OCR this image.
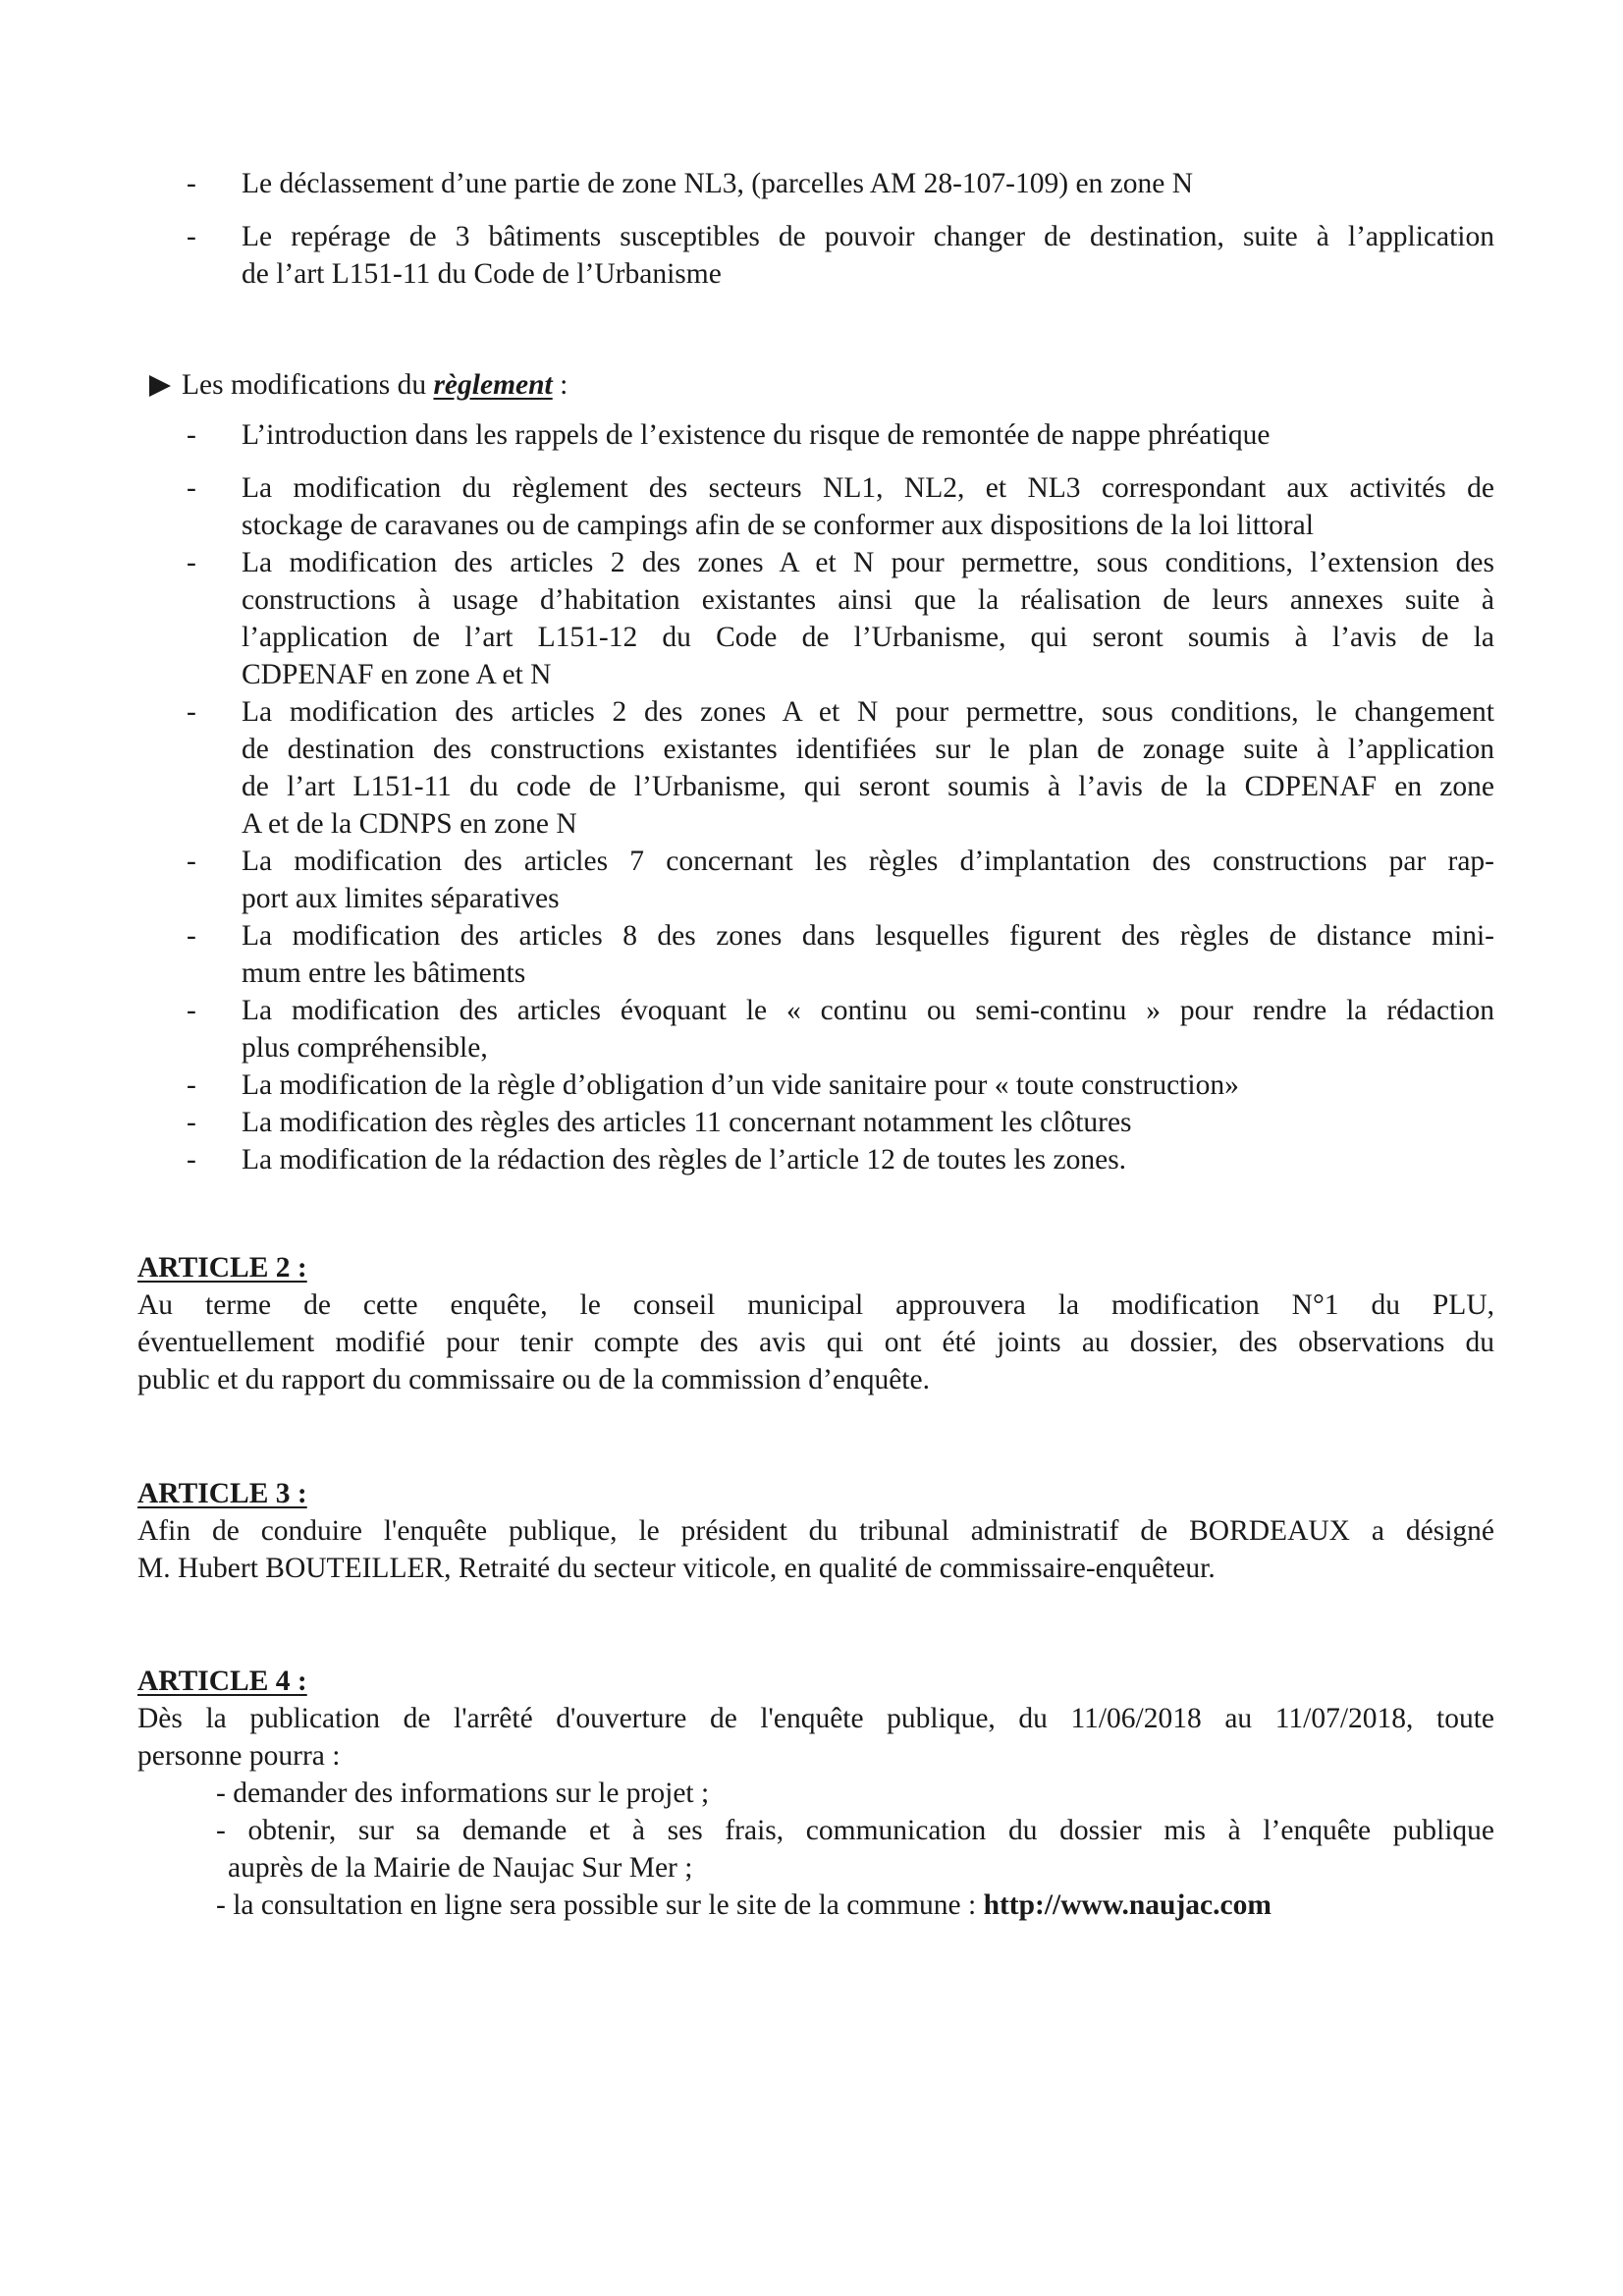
- Le déclassement d’une partie de zone NL3, (parcelles AM 28-107-109) en zone N
- Le repérage de 3 bâtiments susceptibles de pouvoir changer de destination, suite à l’application
de l’art L151-11 du Code de l’Urbanisme
Les modifications du règlement :
- L’introduction dans les rappels de l’existence du risque de remontée de nappe phréatique
- La modification du règlement des secteurs NL1, NL2, et NL3 correspondant aux activités de
stockage de caravanes ou de campings afin de se conformer aux dispositions de la loi littoral
- La modification des articles 2 des zones A et N pour permettre, sous conditions, l’extension des
constructions à usage d’habitation existantes ainsi que la réalisation de leurs annexes suite à
l’application de l’art L151-12 du Code de l’Urbanisme, qui seront soumis à l’avis de la
CDPENAF en zone A et N
- La modification des articles 2 des zones A et N pour permettre, sous conditions, le changement
de destination des constructions existantes identifiées sur le plan de zonage suite à l’application
de l’art L151-11 du code de l’Urbanisme, qui seront soumis à l’avis de la CDPENAF en zone
A et de la CDNPS en zone N
- La modification des articles 7 concernant les règles d’implantation des constructions par rap-
port aux limites séparatives
- La modification des articles 8 des zones dans lesquelles figurent des règles de distance mini-
mum entre les bâtiments
- La modification des articles évoquant le « continu ou semi-continu » pour rendre la rédaction
plus compréhensible,
- La modification de la règle d’obligation d’un vide sanitaire pour « toute construction»
- La modification des règles des articles 11 concernant notamment les clôtures
- La modification de la rédaction des règles de l’article 12 de toutes les zones.
ARTICLE 2 :
Au terme de cette enquête, le conseil municipal approuvera la modification N°1 du PLU,
éventuellement modifié pour tenir compte des avis qui ont été joints au dossier, des observations du
public et du rapport du commissaire ou de la commission d’enquête.
ARTICLE 3 :
Afin de conduire l'enquête publique, le président du tribunal administratif de BORDEAUX a désigné
M. Hubert BOUTEILLER, Retraité du secteur viticole, en qualité de commissaire-enquêteur.
ARTICLE 4 :
Dès la publication de l'arrêté d'ouverture de l'enquête publique, du 11/06/2018 au 11/07/2018, toute
personne pourra :
- demander des informations sur le projet ;
- obtenir, sur sa demande et à ses frais, communication du dossier mis à l’enquête publique
auprès de la Mairie de Naujac Sur Mer ;
- la consultation en ligne sera possible sur le site de la commune : http://www.naujac.com
